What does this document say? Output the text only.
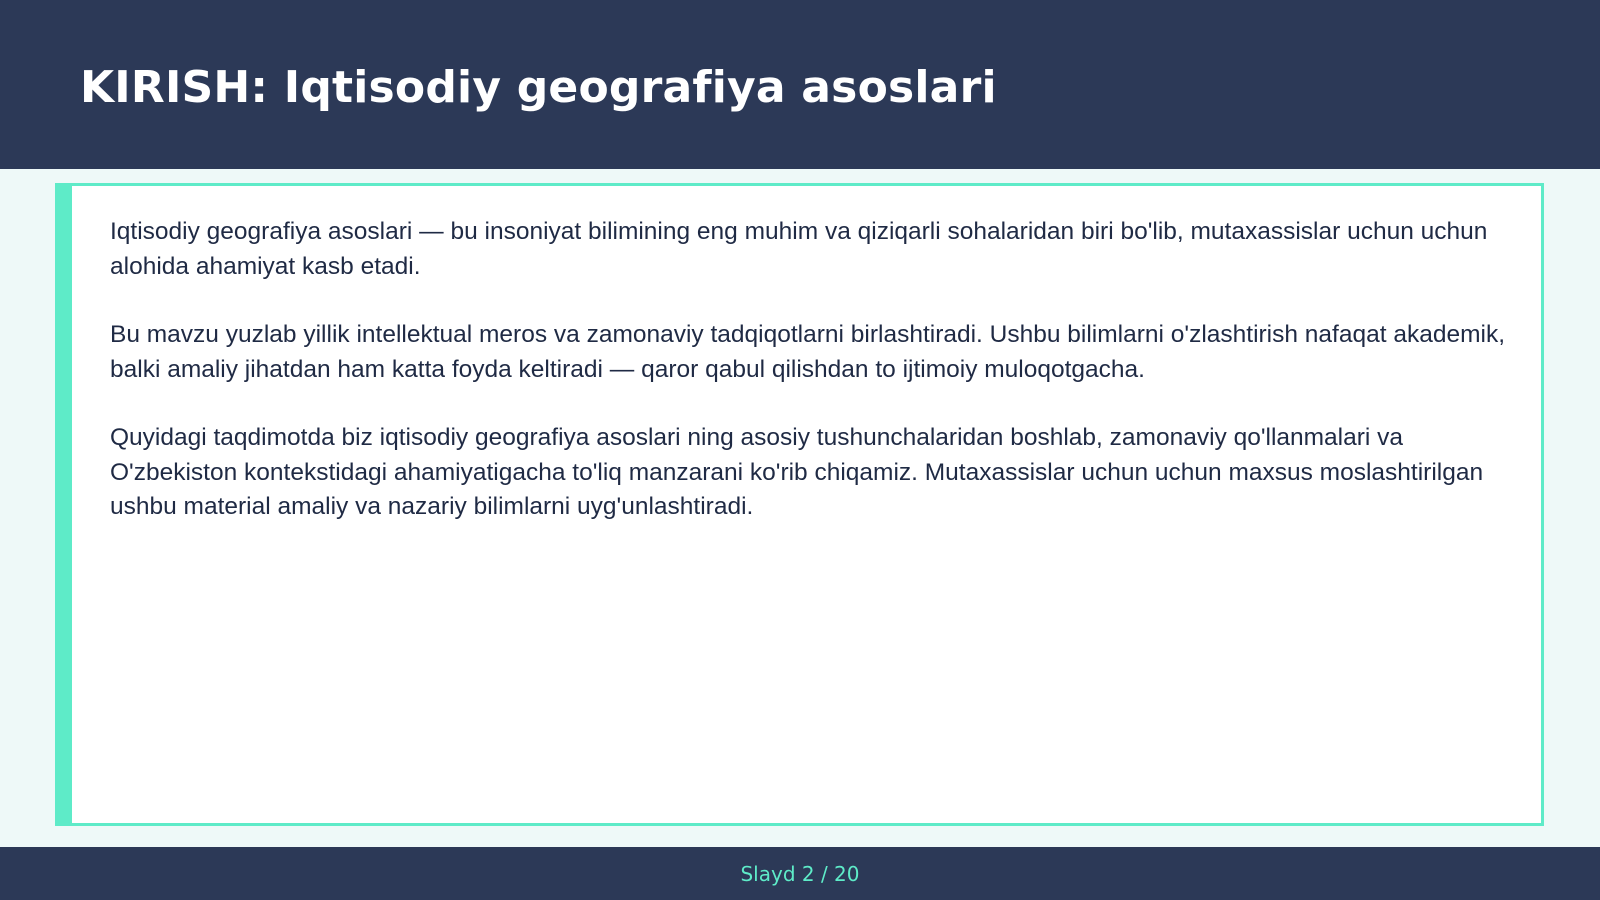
KIRISH: Iqtisodiy geografiya asoslari

Iqtisodiy geografiya asoslari — bu insoniyat bilimining eng muhim va qiziqarli sohalaridan biri bo'lib, mutaxassislar uchun uchun alohida ahamiyat kasb etadi.

Bu mavzu yuzlab yillik intellektual meros va zamonaviy tadqiqotlarni birlashtiradi. Ushbu bilimlarni o'zlashtirish nafaqat akademik, balki amaliy jihatdan ham katta foyda keltiradi — qaror qabul qilishdan to ijtimoiy muloqotgacha.

Quyidagi taqdimotda biz iqtisodiy geografiya asoslari ning asosiy tushunchalaridan boshlab, zamonaviy qo'llanmalari va O'zbekiston kontekstidagi ahamiyatigacha to'liq manzarani ko'rib chiqamiz. Mutaxassislar uchun uchun maxsus moslashtirilgan ushbu material amaliy va nazariy bilimlarni uyg'unlashtiradi.

Slayd 2 / 20
